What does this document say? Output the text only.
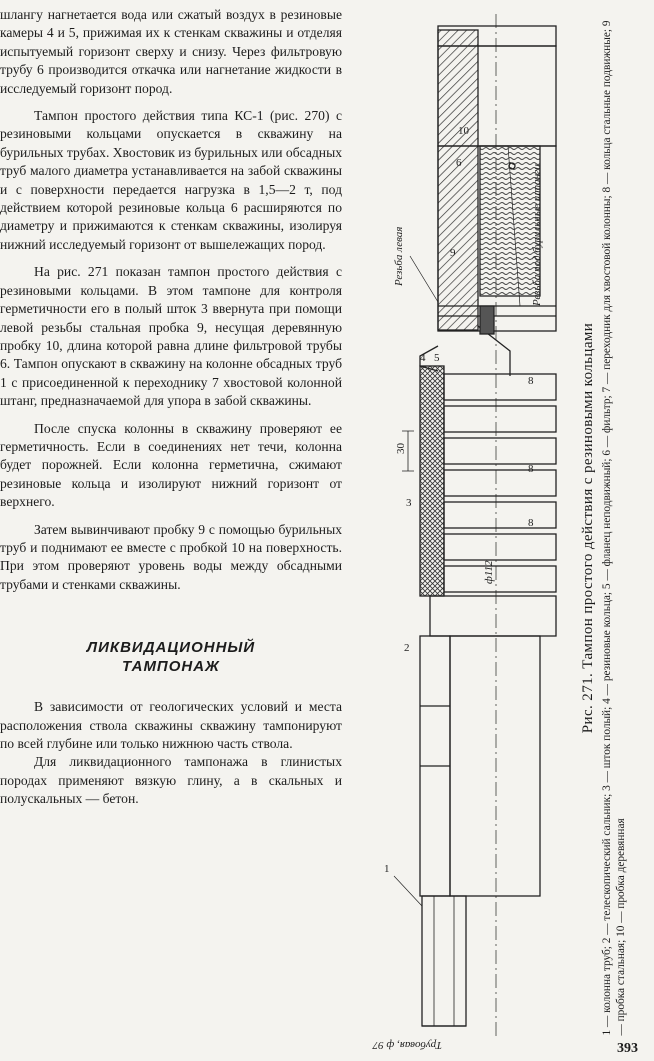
шлангу нагнетается вода или сжатый воздух в резиновые камеры 4 и 5, прижимая их к стенкам скважины и отделяя испытуемый горизонт сверху и снизу. Через фильтровую трубу 6 производится откачка или нагнетание жидкости в исследуемый горизонт пород.

Тампон простого действия типа КС-1 (рис. 270) с резиновыми кольцами опускается в скважину на бурильных трубах. Хвостовик из бурильных или обсадных труб малого диаметра устанавливается на забой скважины и с поверхности передается нагрузка в 1,5—2 т, под действием которой резиновые кольца 6 расширяются по диаметру и прижимаются к стенкам скважины, изолируя нижний исследуемый горизонт от вышележащих пород.

На рис. 271 показан тампон простого действия с резиновыми кольцами. В этом тампоне для контроля герметичности его в полый шток 3 ввернута при помощи левой резьбы стальная пробка 9, несущая деревянную пробку 10, длина которой равна длине фильтровой трубы 6. Тампон опускают в скважину на колонне обсадных труб 1 с присоединенной к переходнику 7 хвостовой колонной штанг, предназначаемой для упора в забой скважины.

После спуска колонны в скважину проверяют ее герметичность. Если в соединениях нет течи, колонна будет порожней. Если колонна герметична, сжимают резиновые кольца и изолируют нижний горизонт от верхнего.

Затем вывинчивают пробку 9 с помощью бурильных труб и поднимают ее вместе с пробкой 10 на поверхность. При этом проверяют уровень воды между обсадными трубами и стенками скважины.

ЛИКВИДАЦИОННЫЙ
ТАМПОНАЖ

В зависимости от геологических условий и места расположения ствола скважины скважину тампонируют по всей глубине или только нижнюю часть ствола.

Для ликвидационного тампонажа в глинистых породах применяют вязкую глину, а в скальных и полускальных — бетон.

10
6
Резьба левая	Резьба под бурильные штанги
9
4 5
8
8
8
30
ф112
3
2
1
Трубовая, ф 97
Рис. 271. Тампон простого действия с резиновыми кольцами 1 — колонна труб; 2 — телескопический сальник; 3 — шток полый; 4 — резиновые кольца; 5 — фланец неподвижный; 6 — фильтр; 7 — переходник для хвостовой колонны; 8 — кольца стальные подвижные; 9 — пробка стальная; 10 — пробка деревянная
393
